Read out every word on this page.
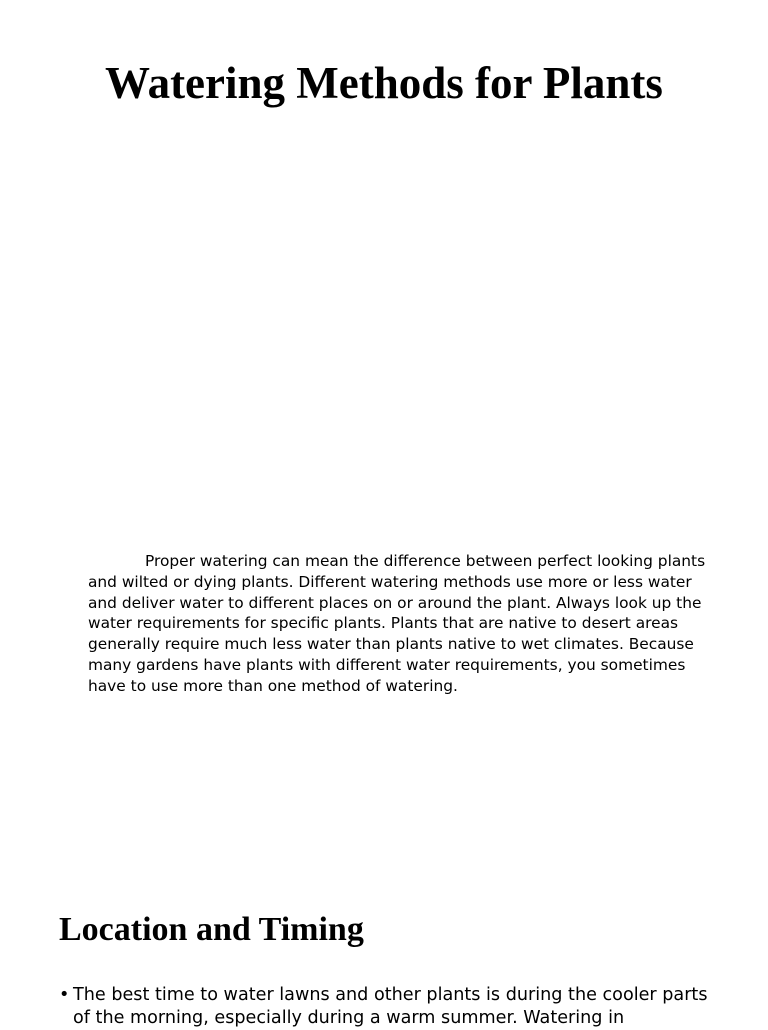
Watering Methods for Plants

Proper watering can mean the difference between perfect looking plants and wilted or dying plants. Different watering methods use more or less water and deliver water to different places on or around the plant. Always look up the water requirements for specific plants. Plants that are native to desert areas generally require much less water than plants native to wet climates. Because many gardens have plants with different water requirements, you sometimes have to use more than one method of watering.

Location and Timing
• The best time to water lawns and other plants is during the cooler parts of the morning, especially during a warm summer. Watering in
